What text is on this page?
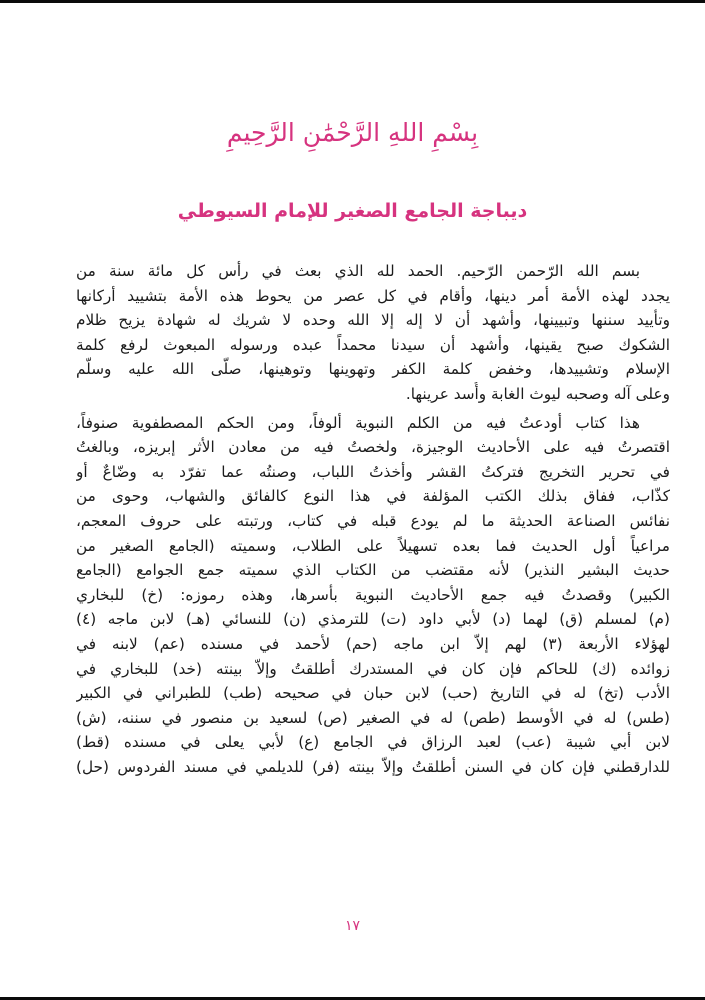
بِسْمِ اللهِ الرَّحْمَٰنِ الرَّحِيمِ
ديباجة الجامع الصغير للإمام السيوطي
بسم الله الرّحمن الرّحيم. الحمد لله الذي بعث في رأس كل مائة سنة من
يجدد لهذه الأمة أمر دينها، وأقام في كل عصر من يحوط هذه الأمة بتشييد أركانها
وتأييد سننها وتبيينها، وأشهد أن لا إله إلا الله وحده لا شريك له شهادة يزيح ظلام
الشكوك صبح يقينها، وأشهد أن سيدنا محمداً عبده ورسوله المبعوث لرفع كلمة
الإسلام وتشييدها، وخفض كلمة الكفر وتهوينها وتوهينها، صلّى الله عليه وسلّم
وعلى آله وصحبه ليوث الغابة وأُسد عرينها.
هذا كتاب أودعتُ فيه من الكلم النبوية ألوفاً، ومن الحكم المصطفوية صنوفاً،
اقتصرتُ فيه على الأحاديث الوجيزة، ولخصتُ فيه من معادن الأثر إبريزه، وبالغتُ
في تحرير التخريج فتركتُ القشر وأخذتُ اللباب، وصنتُه عما تفرّد به وضّاعٌ أو
كذّاب، ففاق بذلك الكتب المؤلفة في هذا النوع كالفائق والشهاب، وحوى من
نفائس الصناعة الحديثة ما لم يودع قبله في كتاب، ورتبته على حروف المعجم،
مراعياً أول الحديث فما بعده تسهيلاً على الطلاب، وسميته (الجامع الصغير من
حديث البشير النذير) لأنه مقتضب من الكتاب الذي سميته جمع الجوامع (الجامع
الكبير) وقصدتُ فيه جمع الأحاديث النبوية بأسرها، وهذه رموزه: (خ) للبخاري
(م) لمسلم (ق) لهما (د) لأبي داود (ت) للترمذي (ن) للنسائي (هـ) لابن ماجه (٤)
لهؤلاء الأربعة (٣) لهم إلاّ ابن ماجه (حم) لأحمد في مسنده (عم) لابنه في
زوائده (ك) للحاكم فإن كان في المستدرك أطلقتُ وإلاّ بينته (خد) للبخاري في
الأدب (تخ) له في التاريخ (حب) لابن حبان في صحيحه (طب) للطبراني في الكبير
(طس) له في الأوسط (طص) له في الصغير (ص) لسعيد بن منصور في سننه، (ش)
لابن أبي شيبة (عب) لعبد الرزاق في الجامع (ع) لأبي يعلى في مسنده (قط)
للدارقطني فإن كان في السنن أطلقتُ وإلاّ بينته (فر) للديلمي في مسند الفردوس (حل)
١٧
